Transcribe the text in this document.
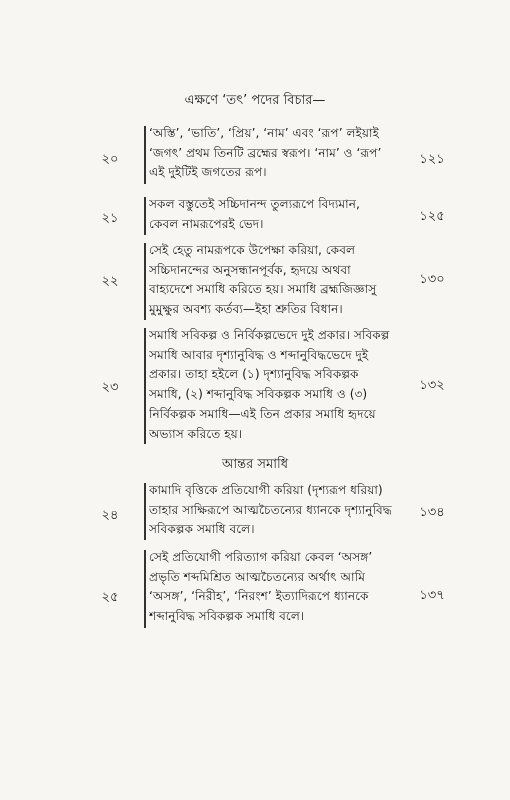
এক্ষণে ‘তৎ’ পদের বিচার—
২০
‘অস্তি’, ‘ভাতি’, ‘প্রিয়’, ‘নাম’ এবং ‘রূপ’ লইয়াই
‘জগৎ’ প্রথম তিনটি ব্রহ্মের স্বরূপ। ‘নাম’ ও ‘রূপ’
এই দুইটিই জগতের রূপ।
১২১
২১
সকল বস্তুতেই সচ্চিদানন্দ তুল্যরূপে বিদ্যমান,
কেবল নামরূপেরই ভেদ।	১২৫
২২
সেই হেতু নামরূপকে উপেক্ষা করিয়া, কেবল
সচ্চিদানন্দের অনুসন্ধানপূর্বক, হৃদয়ে অথবা
বাহ্যদেশে সমাধি করিতে হয়। সমাধি ব্রহ্মজিজ্ঞাসু
মুমুক্ষুর অবশ্য কর্তব্য—ইহা শ্রুতির বিধান।
১৩০
২৩
সমাধি সবিকল্প ও নির্বিকল্পভেদে দুই প্রকার। সবিকল্প
সমাধি আবার দৃশ্যানুবিদ্ধ ও শব্দানুবিদ্ধভেদে দুই
প্রকার। তাহা হইলে (১) দৃশ্যানুবিদ্ধ সবিকল্পক
সমাধি, (২) শব্দানুবিদ্ধ সবিকল্পক সমাধি ও (৩)
নির্বিকল্পক সমাধি—এই তিন প্রকার সমাধি হৃদয়ে
অভ্যাস করিতে হয়।
১৩২
আন্তর সমাধি
২৪
কামাদি বৃত্তিকে প্রতিযোগী করিয়া (দৃশ্যরূপ ধরিয়া)
তাহার সাক্ষিরূপে আত্মচৈতন্যের ধ্যানকে দৃশ্যানুবিদ্ধ
সবিকল্পক সমাধি বলে।
১৩৪
২৫
সেই প্রতিযোগী পরিত্যাগ করিয়া কেবল ‘অসঙ্গ’
প্রভৃতি শব্দমিশ্রিত আত্মচৈতন্যের অর্থাৎ আমি
‘অসঙ্গ’, ‘নিরীহ’, ‘নিরংশ’ ইত্যাদিরূপে ধ্যানকে
শব্দানুবিদ্ধ সবিকল্পক সমাধি বলে।
১৩৭
